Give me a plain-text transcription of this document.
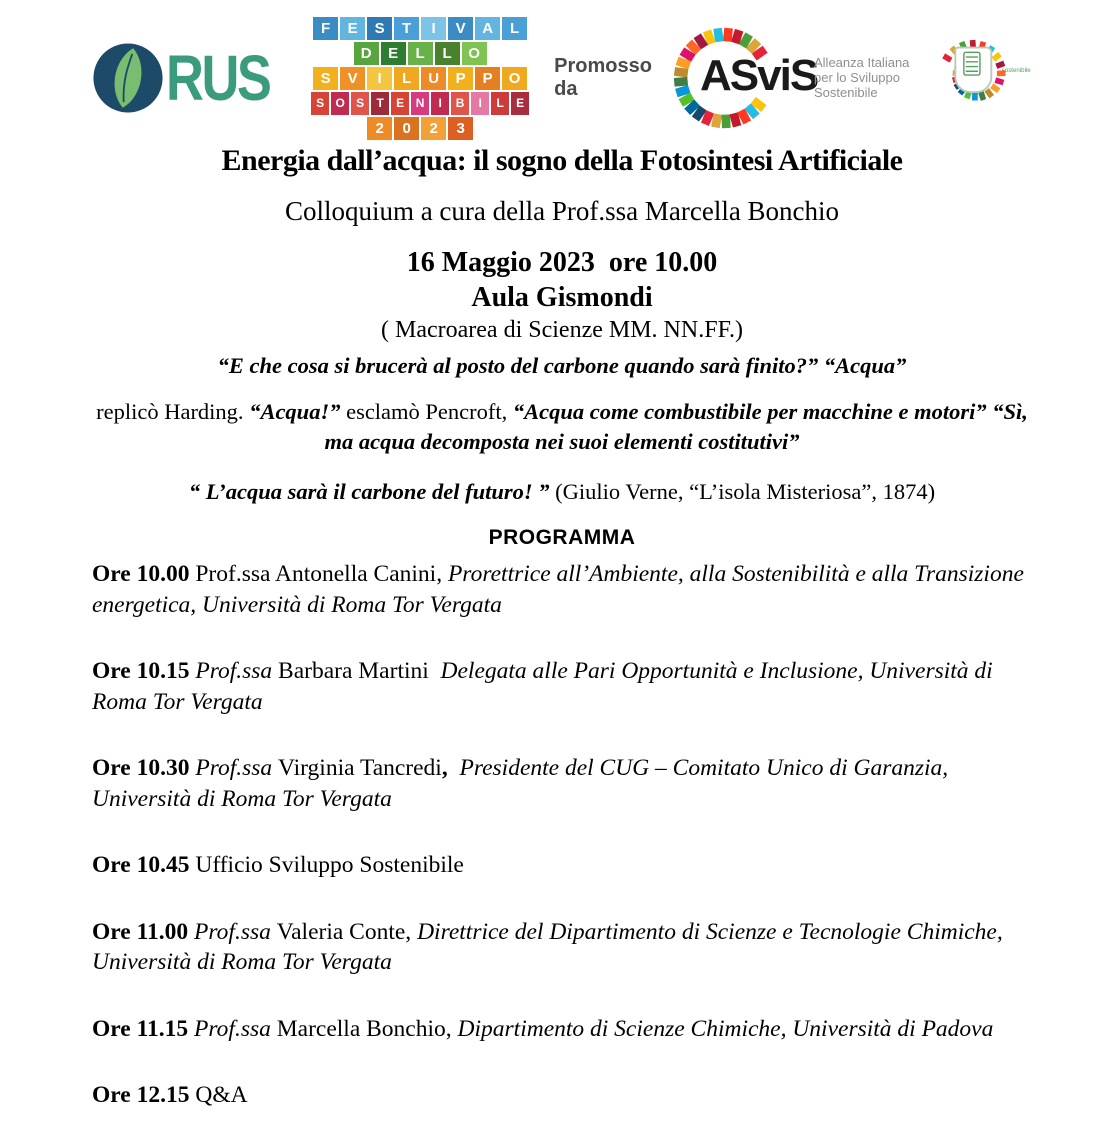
RUS
F	E	S	T	I	V	A	L
D	E	L	L	O
S	V	I	L	U	P	P	O
S O S	T	E N	I	B	I	L	E
2	0	2	3
Promosso da	ASviS
Alleanza Italiana
per lo Sviluppo
Sostenibile
sostenibile
Energia dall’acqua: il sogno della Fotosintesi Artificiale
Colloquium a cura della Prof.ssa Marcella Bonchio
16 Maggio 2023  ore 10.00
Aula Gismondi
( Macroarea di Scienze MM. NN.FF.)
“E che cosa si brucerà al posto del carbone quando sarà finito?” “Acqua”
replicò Harding. “Acqua!” esclamò Pencroft, “Acqua come combustibile per macchine e motori” “Sì, ma acqua decomposta nei suoi elementi costitutivi”
“ L’acqua sarà il carbone del futuro! ” (Giulio Verne, “L’isola Misteriosa”, 1874)
PROGRAMMA
Ore 10.00 Prof.ssa Antonella Canini, Prorettrice all’Ambiente, alla Sostenibilità e alla Transizione energetica, Università di Roma Tor Vergata
Ore 10.15 Prof.ssa Barbara Martini  Delegata alle Pari Opportunità e Inclusione, Università di Roma Tor Vergata
Ore 10.30 Prof.ssa Virginia Tancredi,  Presidente del CUG – Comitato Unico di Garanzia, Università di Roma Tor Vergata
Ore 10.45 Ufficio Sviluppo Sostenibile
Ore 11.00 Prof.ssa Valeria Conte, Direttrice del Dipartimento di Scienze e Tecnologie Chimiche, Università di Roma Tor Vergata
Ore 11.15 Prof.ssa Marcella Bonchio, Dipartimento di Scienze Chimiche, Università di Padova
Ore 12.15 Q&A
